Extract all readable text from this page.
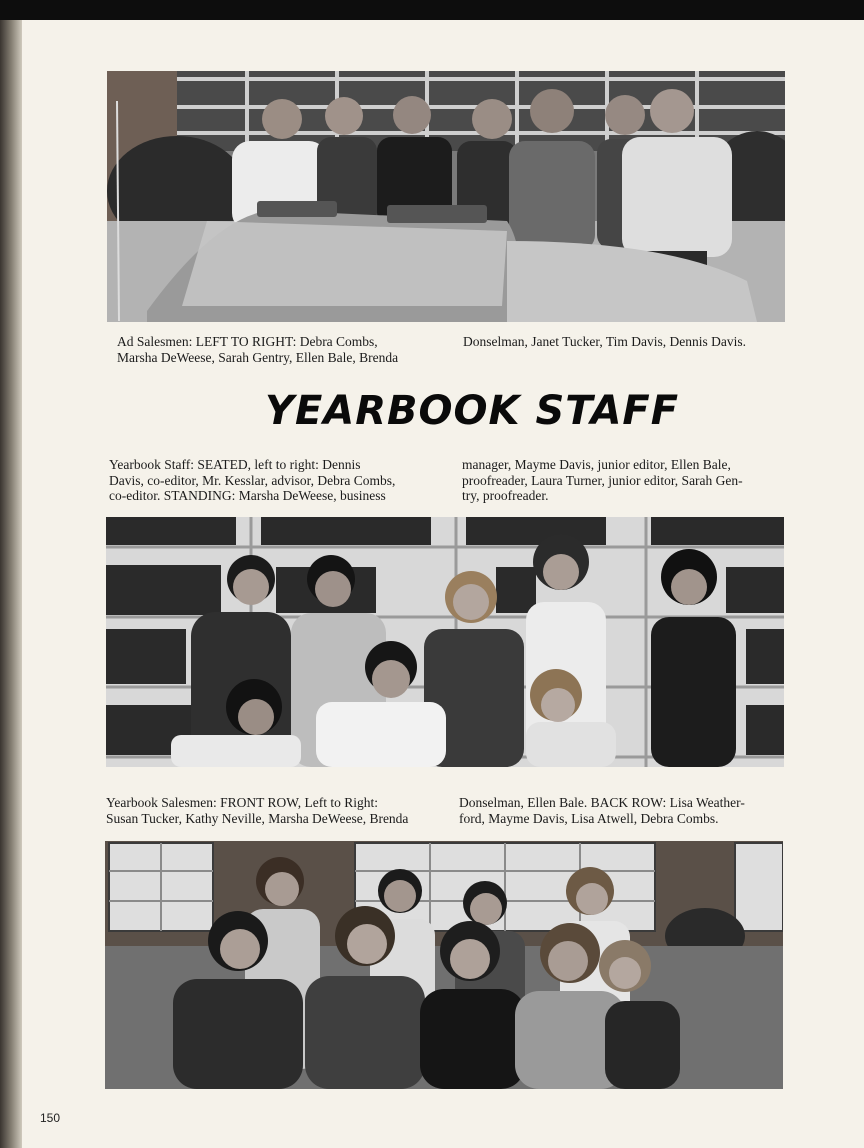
Ad Salesmen: LEFT TO RIGHT: Debra Combs,
Marsha DeWeese, Sarah Gentry, Ellen Bale, Brenda
Donselman, Janet Tucker, Tim Davis, Dennis Davis.
YEARBOOK STAFF
Yearbook Staff: SEATED, left to right: Dennis
Davis, co-editor, Mr. Kesslar, advisor, Debra Combs,
co-editor. STANDING: Marsha DeWeese, business
manager, Mayme Davis, junior editor, Ellen Bale,
proofreader, Laura Turner, junior editor, Sarah Gen-
try, proofreader.
Yearbook Salesmen: FRONT ROW, Left to Right:
Susan Tucker, Kathy Neville, Marsha DeWeese, Brenda
Donselman, Ellen Bale. BACK ROW: Lisa Weather-
ford, Mayme Davis, Lisa Atwell, Debra Combs.
150
